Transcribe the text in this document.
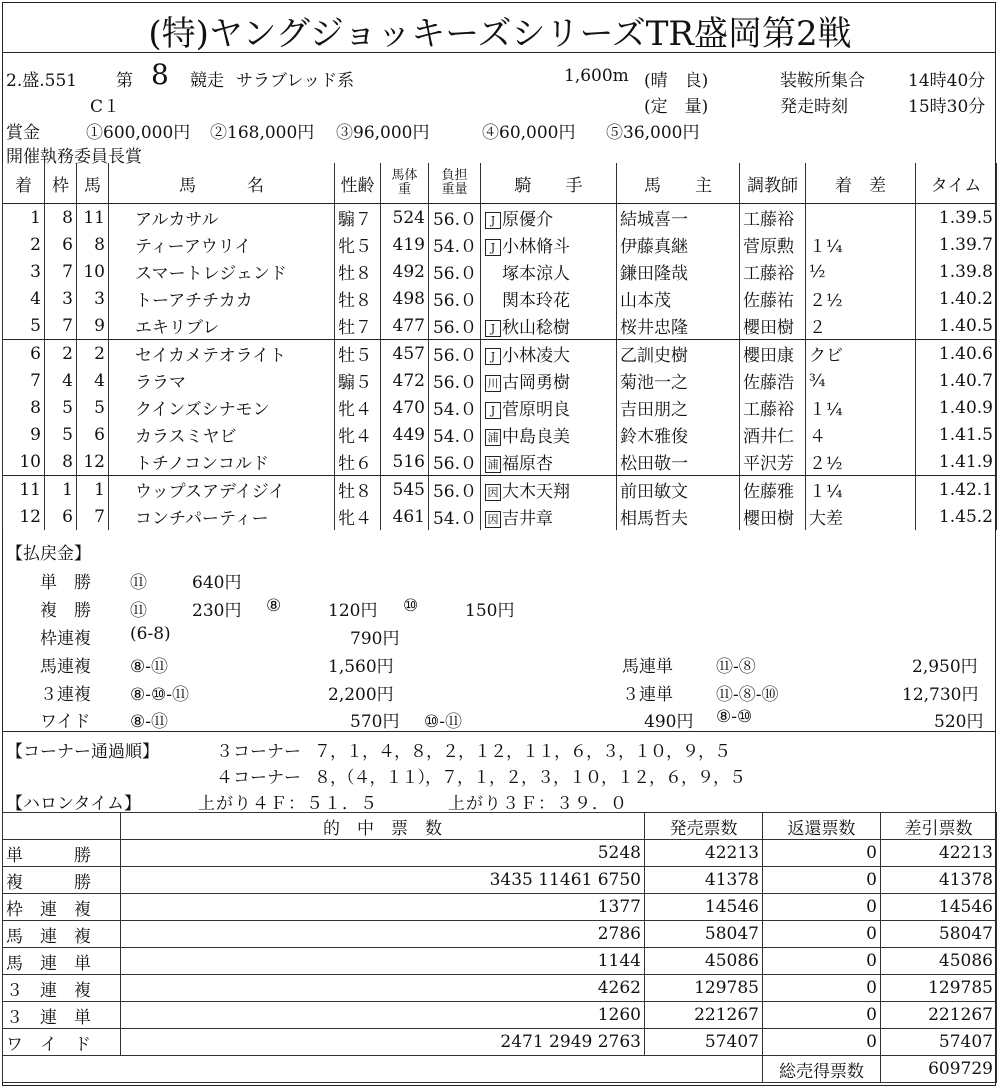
(特)ヤングジョッキーズシリーズTR盛岡第2戦
2.盛.551 第 8 競走 サラブレッド系
C１
1,600m (晴　良)
(定　量)
装鞍所集合	14時40分
発走時刻	15時30分
賞金	①600,000円 ②168,000円 ③96,000円	④60,000円 ⑤36,000円
開催執務委員長賞
着	枠	馬	馬　　　名	性齢	馬体重	負担重量	騎　　手	馬　　主	調教師	着　差	タイム
1	8	11	アルカサル	騸７	524	56.０	J 原優介	結城喜一	工藤裕		1.39.5
2	6	8	ティーアウリイ	牝５	419	54.０	J 小林脩斗	伊藤真継	菅原勲	１¼	1.39.7
3	7	10	スマートレジェンド	牡８	492	56.０	塚本涼人	鎌田隆哉	工藤裕	½	1.39.8
4	3	3	トーアチチカカ	牡８	498	56.０	関本玲花	山本茂	佐藤祐	２½	1.40.2
5	7	9	エキリブレ	牡７	477	56.０	J 秋山稔樹	桜井忠隆	櫻田樹	２	1.40.5
6	2	2	セイカメテオライト	牡５	457	56.０	J 小林凌大	乙訓史樹	櫻田康	クビ	1.40.6
7	4	4	ララマ	騸５	472	56.０	川 古岡勇樹	菊池一之	佐藤浩	¾	1.40.7
8	5	5	クインズシナモン	牝４	470	54.０	J 菅原明良	吉田朋之	工藤裕	１¼	1.40.9
9	5	6	カラスミヤビ	牝４	449	54.０	浦 中島良美	鈴木雅俊	酒井仁	４	1.41.5
10	8	12	トチノコンコルド	牡６	516	56.０	浦 福原杏	松田敬一	平沢芳	２½	1.41.9
11	1	1	ウップスアデイジイ	牡８	545	56.０	因 大木天翔	前田敏文	佐藤雅	１¼	1.42.1
12	6	7	コンチパーティー	牝４	461	54.０	因 吉井章	相馬哲夫	櫻田樹	大差	1.45.2
【払戻金】
単　勝 ⑪	640円
複　勝 ⑪	230円 ⑧	120円 ⑩	150円
枠連複 (6-8)	790円
馬連複 ⑧-⑪	1,560円	馬連単	⑪-⑧	2,950円
３連複 ⑧-⑩-⑪	2,200円	３連単	⑪-⑧-⑩	12,730円
ワイド ⑧-⑪	570円 ⑩-⑪	490円 ⑧-⑩	520円
【コーナー通過順】	３コーナー ７，１，４，８，２，１２，１１，６，３，１０，９，５
４コーナー ８，（４，１１），７，１，２，３，１０，１２，６，９，５
【ハロンタイム】	上がり４Ｆ：５１．５	上がり３Ｆ：３９．０
	的　中　票　数	発売票数	返還票数	差引票数
単　　　勝	5248	42213	0	42213
複　　　勝	3435 11461 6750	41378	0	41378
枠　連　複	1377	14546	0	14546
馬　連　複	2786	58047	0	58047
馬　連　単	1144	45086	0	45086
３　連　複	4262	129785	0	129785
３　連　単	1260	221267	0	221267
ワ　イ　ド	2471 2949 2763	57407	0	57407
			総売得票数	609729
